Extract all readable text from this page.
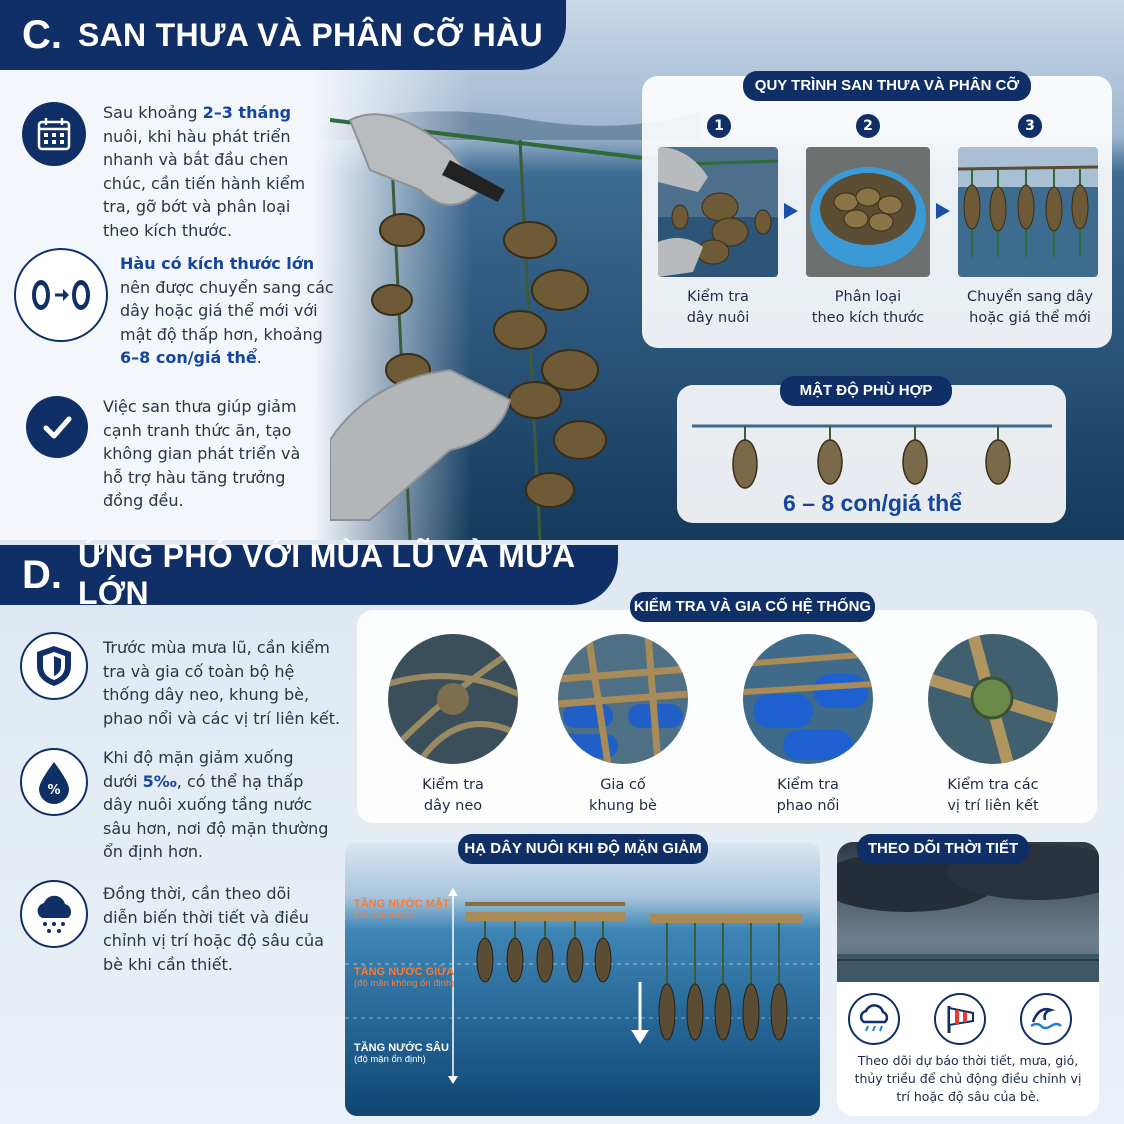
C. SAN THƯA VÀ PHÂN CỠ HÀU
Sau khoảng 2–3 tháng nuôi, khi hàu phát triển nhanh và bắt đầu chen chúc, cần tiến hành kiểm tra, gỡ bớt và phân loại theo kích thước.
Hàu có kích thước lớn nên được chuyển sang các dây hoặc giá thể mới với mật độ thấp hơn, khoảng 6–8 con/giá thể.
Việc san thưa giúp giảm cạnh tranh thức ăn, tạo không gian phát triển và hỗ trợ hàu tăng trưởng đồng đều.
QUY TRÌNH SAN THƯA VÀ PHÂN CỠ
1	2	3
Kiểm tra
dây nuôi
Phân loại
theo kích thước
Chuyển sang dây
hoặc giá thể mới
MẬT ĐỘ PHÙ HỢP
6 – 8 con/giá thể
D. ỨNG PHÓ VỚI MÙA LŨ VÀ MƯA LỚN
Trước mùa mưa lũ, cần kiểm tra và gia cố toàn bộ hệ thống dây neo, khung bè, phao nổi và các vị trí liên kết.
%
Khi độ mặn giảm xuống dưới 5‰, có thể hạ thấp dây nuôi xuống tầng nước sâu hơn, nơi độ mặn thường ổn định hơn.
Đồng thời, cần theo dõi diễn biến thời tiết và điều chỉnh vị trí hoặc độ sâu của bè khi cần thiết.
KIỂM TRA VÀ GIA CỐ HỆ THỐNG
Kiểm tra
dây neo
Gia cố
khung bè
Kiểm tra
phao nổi
Kiểm tra các
vị trí liên kết
HẠ DÂY NUÔI KHI ĐỘ MẶN GIẢM
TẦNG NƯỚC MẶT
(độ mặn thấp)
TẦNG NƯỚC GIỮA
(độ mặn không ổn định)
TẦNG NƯỚC SÂU
(độ mặn ổn định)
THEO DÕI THỜI TIẾT
Theo dõi dự báo thời tiết, mưa, gió, thủy triều để chủ động điều chỉnh vị trí hoặc độ sâu của bè.
